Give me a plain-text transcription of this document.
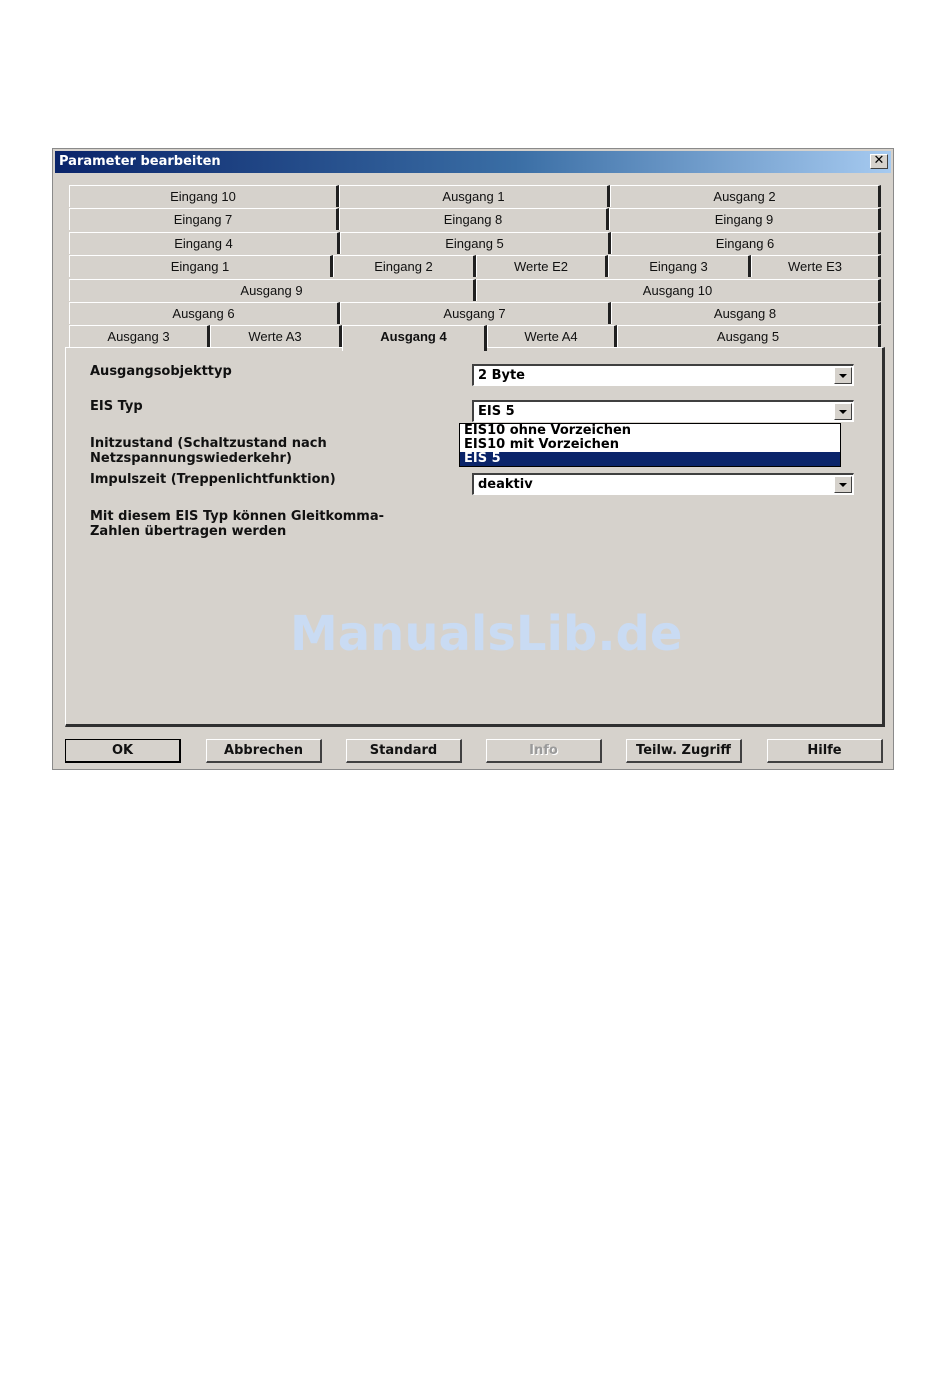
Parameter bearbeiten	✕
Eingang 10	Ausgang 1	Ausgang 2
Eingang 7	Eingang 8	Eingang 9
Eingang 4	Eingang 5	Eingang 6
Eingang 1	Eingang 2	Werte E2	Eingang 3	Werte E3
Ausgang 9	Ausgang 10
Ausgang 6	Ausgang 7	Ausgang 8
Ausgang 3	Werte A3	Ausgang 4	Werte A4	Ausgang 5
Ausgangsobjekttyp	2 Byte
EIS Typ	EIS 5
Initzustand (Schaltzustand nach
Netzspannungswiederkehr)
Impulszeit (Treppenlichtfunktion)	deaktiv
Mit diesem EIS Typ können Gleitkomma-
Zahlen übertragen werden
EIS10 ohne Vorzeichen
EIS10 mit Vorzeichen
EIS 5
OK	Abbrechen	Standard	Info	Teilw. Zugriff	Hilfe
ManualsLib.de
